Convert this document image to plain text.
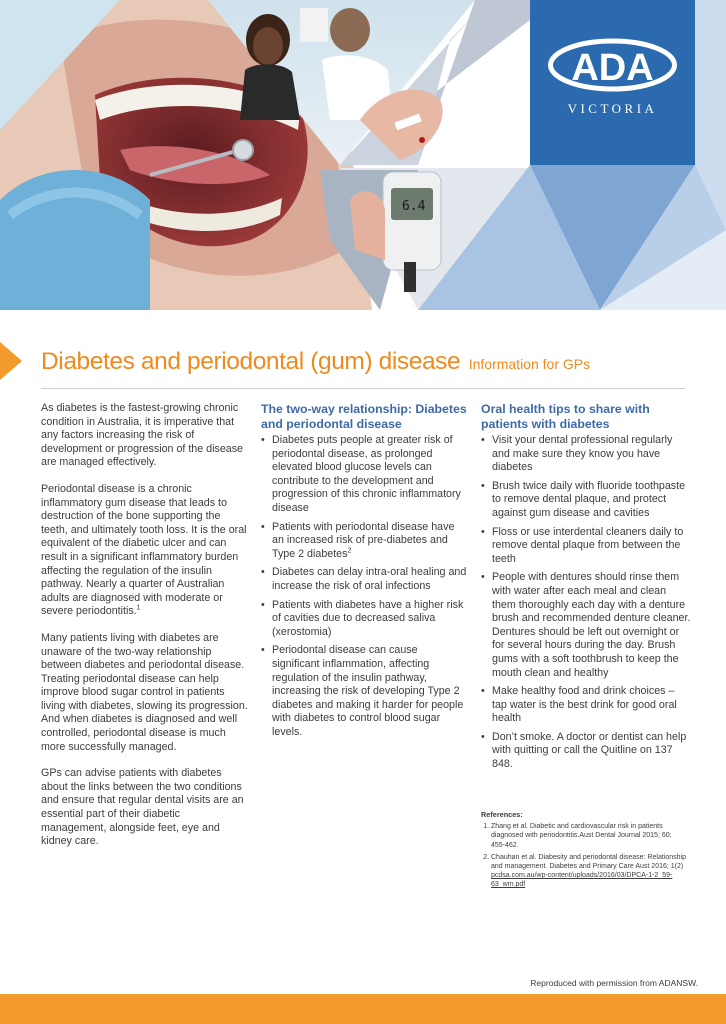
6.4
ADA
VICTORIA
Diabetes and periodontal (gum) disease Information for GPs

As diabetes is the fastest-growing chronic condition in Australia, it is imperative that any factors increasing the risk of development or progression of the disease are managed effectively.

Periodontal disease is a chronic inflammatory gum disease that leads to destruction of the bone supporting the teeth, and ultimately tooth loss. It is the oral equivalent of the diabetic ulcer and can result in a significant inflammatory burden affecting the regulation of the insulin pathway. Nearly a quarter of Australian adults are diagnosed with moderate or severe periodontitis.$^1$

Many patients living with diabetes are unaware of the two-way relationship between diabetes and periodontal disease. Treating periodontal disease can help improve blood sugar control in patients living with diabetes, slowing its progression. And when diabetes is diagnosed and well controlled, periodontal disease is much more successfully managed.

GPs can advise patients with diabetes about the links between the two conditions and ensure that regular dental visits are an essential part of their diabetic management, alongside feet, eye and kidney care.

The two-way relationship: Diabetes and periodontal disease
• Diabetes puts people at greater risk of periodontal disease, as prolonged elevated blood glucose levels can contribute to the development and progression of this chronic inflammatory disease
• Patients with periodontal disease have an increased risk of pre-diabetes and Type 2 diabetes$^2$
• Diabetes can delay intra-oral healing and increase the risk of oral infections
• Patients with diabetes have a higher risk of cavities due to decreased saliva (xerostomia)
• Periodontal disease can cause significant inflammation, affecting regulation of the insulin pathway, increasing the risk of developing Type 2 diabetes and making it harder for people with diabetes to control blood sugar levels.
Oral health tips to share with patients with diabetes
• Visit your dental professional regularly and make sure they know you have diabetes
• Brush twice daily with fluoride toothpaste to remove dental plaque, and protect against gum disease and cavities
• Floss or use interdental cleaners daily to remove dental plaque from between the teeth
• People with dentures should rinse them with water after each meal and clean them thoroughly each day with a denture brush and recommended denture cleaner. Dentures should be left out overnight or for several hours during the day. Brush gums with a soft toothbrush to keep the mouth clean and healthy
• Make healthy food and drink choices – tap water is the best drink for good oral health
• Don’t smoke. A doctor or dentist can help with quitting or call the Quitline on 137 848.
References:
1. Zhang et al. Diabetic and cardiovascular risk in patients diagnosed with periodontitis.Aust Dental Journal 2015; 60: 455-462.
2. Chauhan et al. Diabesity and periodontal disease: Relationship and management. Diabetes and Primary Care Aust 2016; 1(2) pcdsa.com.au/wp-content/uploads/2016/03/DPCA-1-2_59-63_wm.pdf
Reproduced with permission from ADANSW.
